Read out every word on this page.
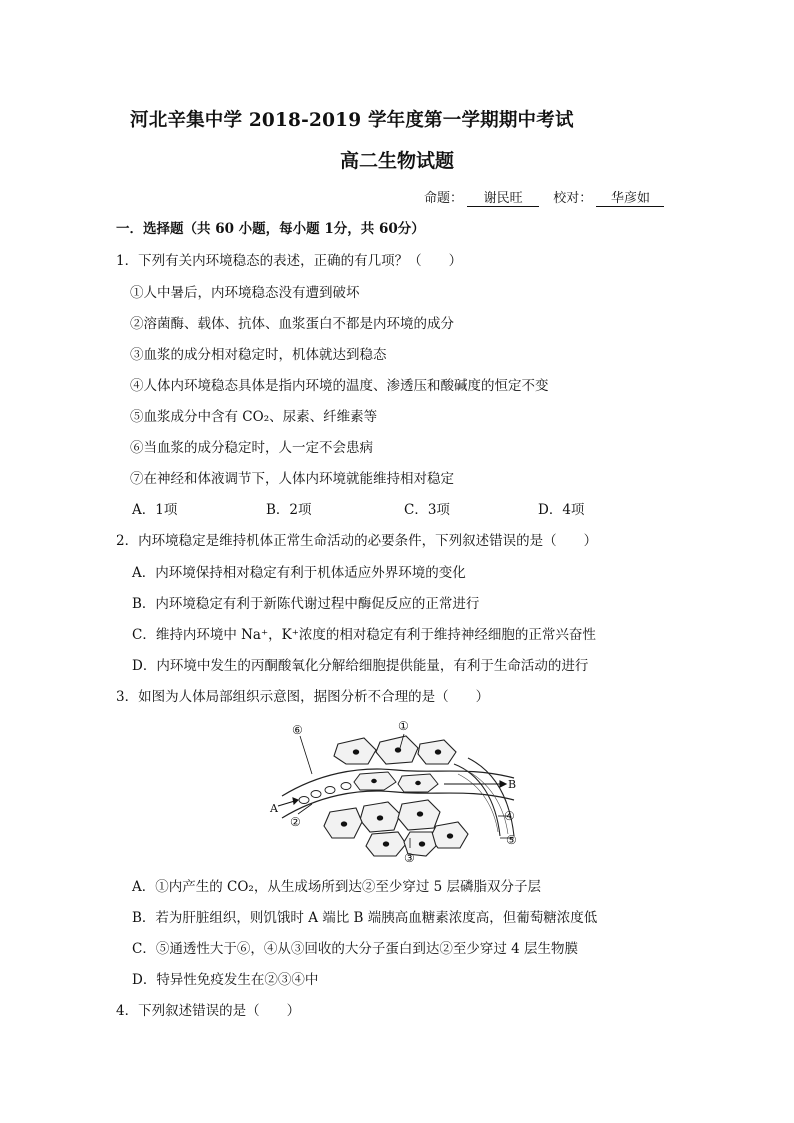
河北辛集中学 2018-2019 学年度第一学期期中考试
高二生物试题
命题： 谢民旺 校对： 华彦如
一．选择题（共 60 小题，每小题 1分，共 60分）
1．下列有关内环境稳态的表述，正确的有几项？（　　）
①人中暑后，内环境稳态没有遭到破坏
②溶菌酶、载体、抗体、血浆蛋白不都是内环境的成分
③血浆的成分相对稳定时，机体就达到稳态
④人体内环境稳态具体是指内环境的温度、渗透压和酸碱度的恒定不变
⑤血浆成分中含有 CO₂、尿素、纤维素等
⑥当血浆的成分稳定时，人一定不会患病
⑦在神经和体液调节下，人体内环境就能维持相对稳定
A．1项	B．2项	C．3项	D．4项
2．内环境稳定是维持机体正常生命活动的必要条件，下列叙述错误的是（　　）
A．内环境保持相对稳定有利于机体适应外界环境的变化
B．内环境稳定有利于新陈代谢过程中酶促反应的正常进行
C．维持内环境中 Na⁺，K⁺浓度的相对稳定有利于维持神经细胞的正常兴奋性
D．内环境中发生的丙酮酸氧化分解给细胞提供能量，有利于生命活动的进行
3．如图为人体局部组织示意图，据图分析不合理的是（　　）
①
②
③
④
⑤
⑥
A
B
A．①内产生的 CO₂，从生成场所到达②至少穿过 5 层磷脂双分子层
B．若为肝脏组织，则饥饿时 A 端比 B 端胰高血糖素浓度高，但葡萄糖浓度低
C．⑤通透性大于⑥，④从③回收的大分子蛋白到达②至少穿过 4 层生物膜
D．特异性免疫发生在②③④中
4．下列叙述错误的是（　　）
